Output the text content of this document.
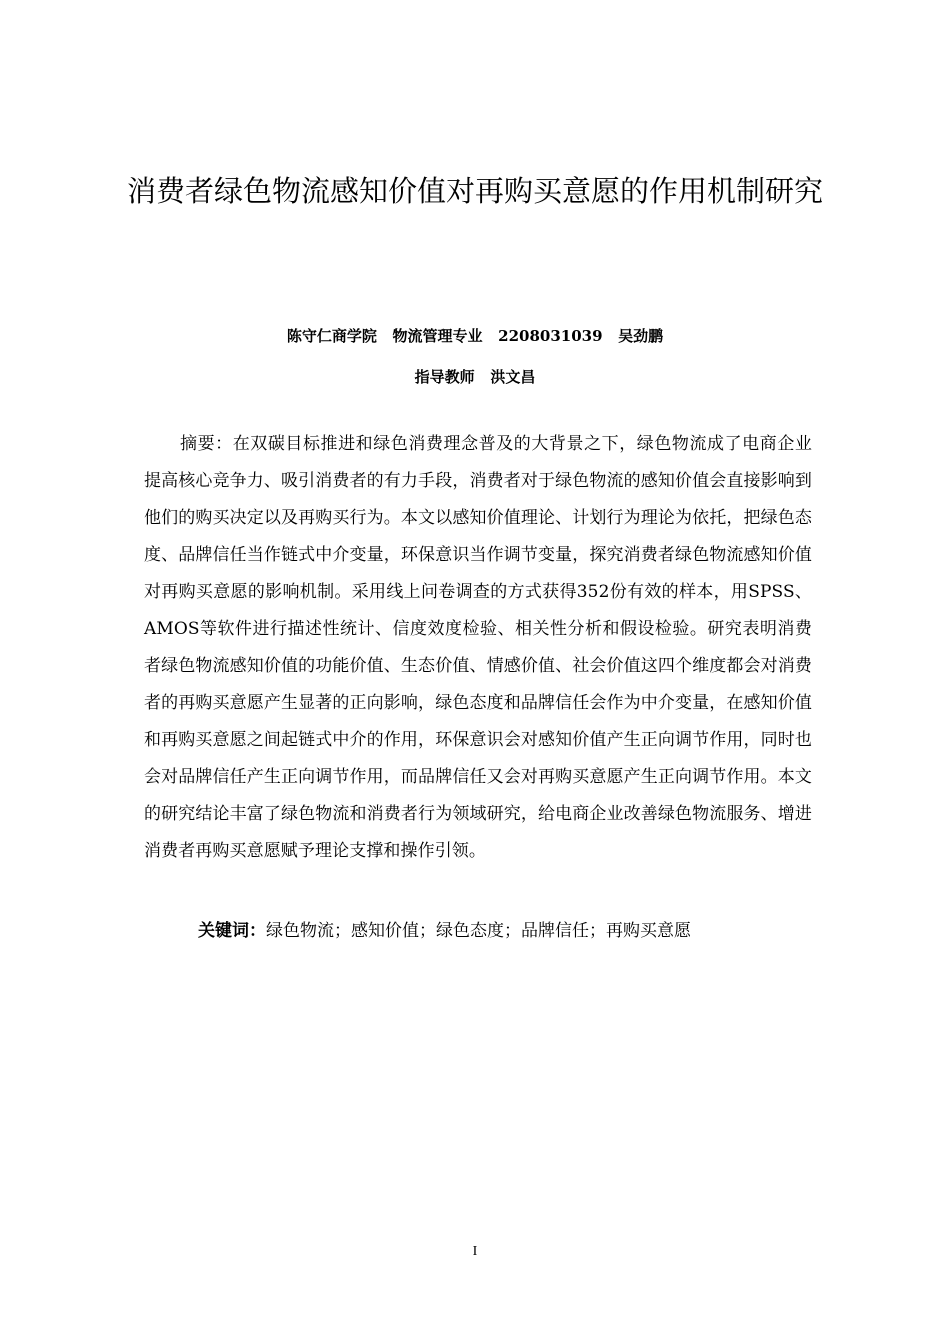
消费者绿色物流感知价值对再购买意愿的作用机制研究
陈守仁商学院   物流管理专业   2208031039   吴劲鹏
指导教师   洪文昌

摘要：在双碳目标推进和绿色消费理念普及的大背景之下，绿色物流成了电商企业提高核心竞争力、吸引消费者的有力手段，消费者对于绿色物流的感知价值会直接影响到他们的购买决定以及再购买行为。本文以感知价值理论、计划行为理论为依托，把绿色态度、品牌信任当作链式中介变量，环保意识当作调节变量，探究消费者绿色物流感知价值对再购买意愿的影响机制。采用线上问卷调查的方式获得352份有效的样本，用SPSS、AMOS等软件进行描述性统计、信度效度检验、相关性分析和假设检验。研究表明消费者绿色物流感知价值的功能价值、生态价值、情感价值、社会价值这四个维度都会对消费者的再购买意愿产生显著的正向影响，绿色态度和品牌信任会作为中介变量，在感知价值和再购买意愿之间起链式中介的作用，环保意识会对感知价值产生正向调节作用，同时也会对品牌信任产生正向调节作用，而品牌信任又会对再购买意愿产生正向调节作用。本文的研究结论丰富了绿色物流和消费者行为领域研究，给电商企业改善绿色物流服务、增进消费者再购买意愿赋予理论支撑和操作引领。

关键词：绿色物流；感知价值；绿色态度；品牌信任；再购买意愿
I
